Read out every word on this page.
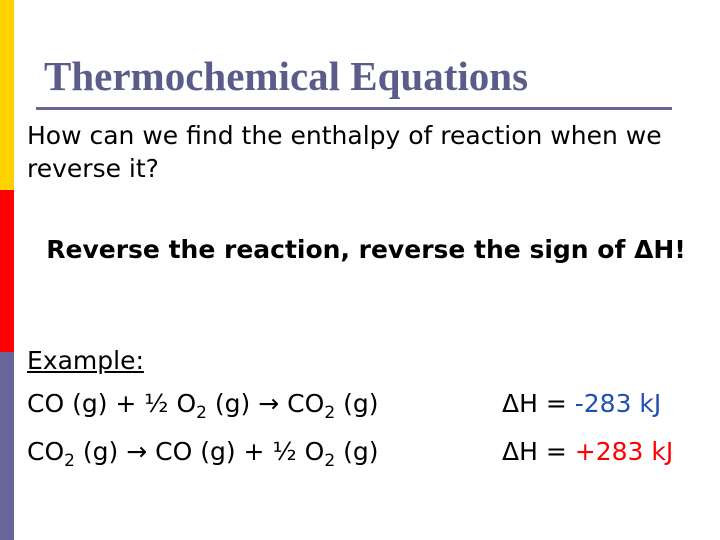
Thermochemical Equations
How can we find the enthalpy of reaction when we reverse it?
Reverse the reaction, reverse the sign of ΔH!
Example:
CO (g) + ½ $O_2$ $(g) \to CO_2$ (g)	ΔH = -283 kJ
$CO_2$ (g) → CO (g) + ½ $O_2$ (g)	ΔH = +283 kJ
